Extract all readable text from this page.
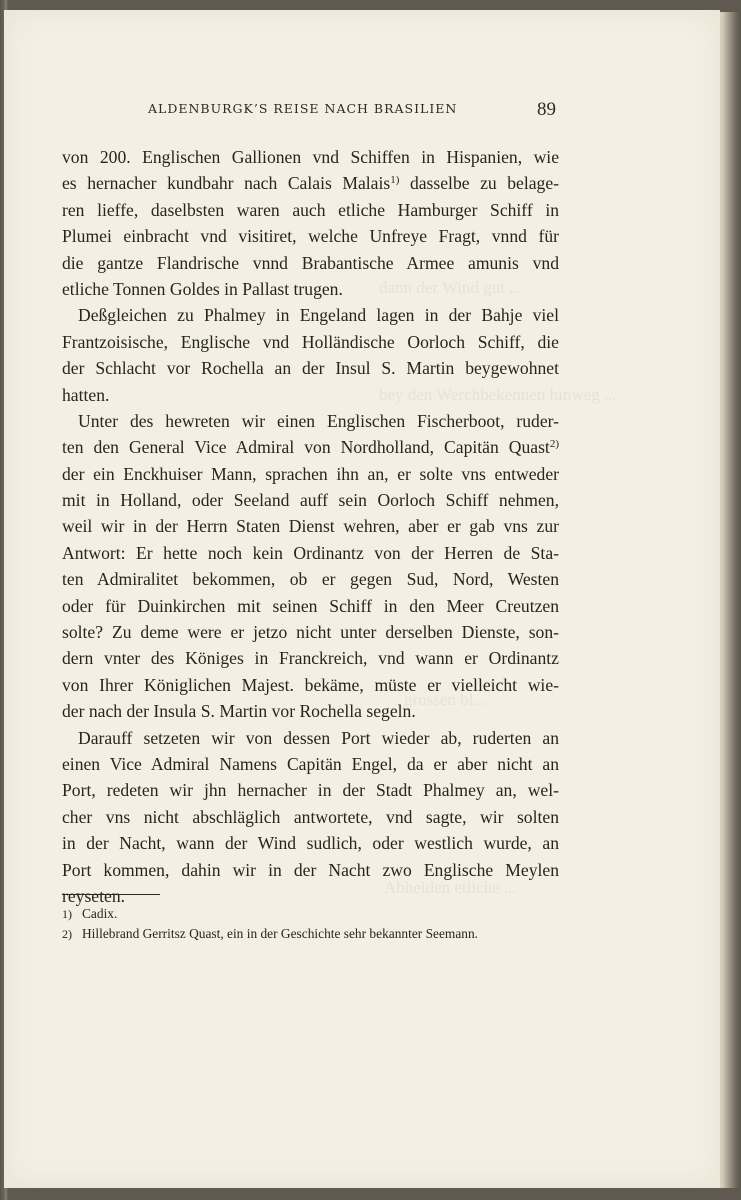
dann der Wind gut ...
bey den Werchbekennen hinweg ...
grossen bl...
Abheiden etliche ...
ALDENBURGK’S REISE NACH BRASILIEN	89
von 200. Englischen Gallionen vnd Schiffen in Hispanien, wie
es hernacher kundbahr nach Calais Malais$^{1)}$ dasselbe zu belage-
ren lieffe, daselbsten waren auch etliche Hamburger Schiff in
Plumei einbracht vnd visitiret, welche Unfreye Fragt, vnnd für
die gantze Flandrische vnnd Brabantische Armee amunis vnd
etliche Tonnen Goldes in Pallast trugen.
Deßgleichen zu Phalmey in Engeland lagen in der Bahje viel
Frantzoisische, Englische vnd Holländische Oorloch Schiff, die
der Schlacht vor Rochella an der Insul S. Martin beygewohnet
hatten.
Unter des hewreten wir einen Englischen Fischerboot, ruder-
ten den General Vice Admiral von Nordholland, Capitän Quast$^{2)}$
der ein Enckhuiser Mann, sprachen ihn an, er solte vns entweder
mit in Holland, oder Seeland auff sein Oorloch Schiff nehmen,
weil wir in der Herrn Staten Dienst wehren, aber er gab vns zur
Antwort: Er hette noch kein Ordinantz von der Herren de Sta-
ten Admiralitet bekommen, ob er gegen Sud, Nord, Westen
oder für Duinkirchen mit seinen Schiff in den Meer Creutzen
solte? Zu deme were er jetzo nicht unter derselben Dienste, son-
dern vnter des Königes in Franckreich, vnd wann er Ordinantz
von Ihrer Königlichen Majest. bekäme, müste er vielleicht wie-
der nach der Insula S. Martin vor Rochella segeln.
Darauff setzeten wir von dessen Port wieder ab, ruderten an
einen Vice Admiral Namens Capitän Engel, da er aber nicht an
Port, redeten wir jhn hernacher in der Stadt Phalmey an, wel-
cher vns nicht abschläglich antwortete, vnd sagte, wir solten
in der Nacht, wann der Wind sudlich, oder westlich wurde, an
Port kommen, dahin wir in der Nacht zwo Englische Meylen
reyseten.
1) Cadix.
2) Hillebrand Gerritsz Quast, ein in der Geschichte sehr bekannter Seemann.
